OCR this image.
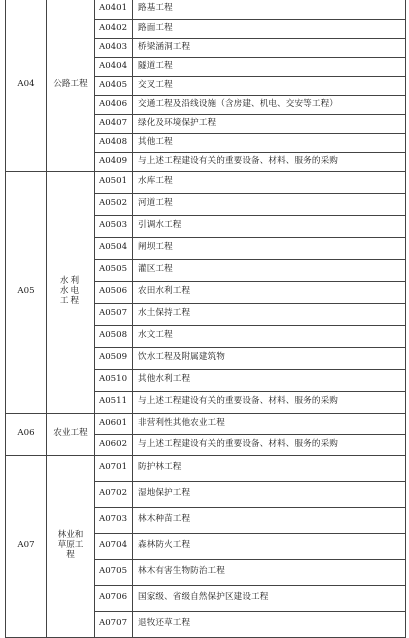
A04	公路工程	A0401	路基工程
		A0402	路面工程
		A0403	桥梁涵洞工程
		A0404	隧道工程
		A0405	交叉工程
		A0406	交通工程及沿线设施（含房建、机电、交安等工程）
		A0407	绿化及环境保护工程
		A0408	其他工程
		A0409	与上述工程建设有关的重要设备、材料、服务的采购
A05	水利水电工程	A0501	水库工程
		A0502	河道工程
		A0503	引调水工程
		A0504	闸坝工程
		A0505	灌区工程
		A0506	农田水利工程
		A0507	水土保持工程
		A0508	水文工程
		A0509	饮水工程及附属建筑物
		A0510	其他水利工程
		A0511	与上述工程建设有关的重要设备、材料、服务的采购
A06	农业工程	A0601	非营利性其他农业工程
		A0602	与上述工程建设有关的重要设备、材料、服务的采购
A07	林业和草原工程	A0701	防护林工程
		A0702	湿地保护工程
		A0703	林木种苗工程
		A0704	森林防火工程
		A0705	林木有害生物防治工程
		A0706	国家级、省级自然保护区建设工程
		A0707	退牧还草工程
